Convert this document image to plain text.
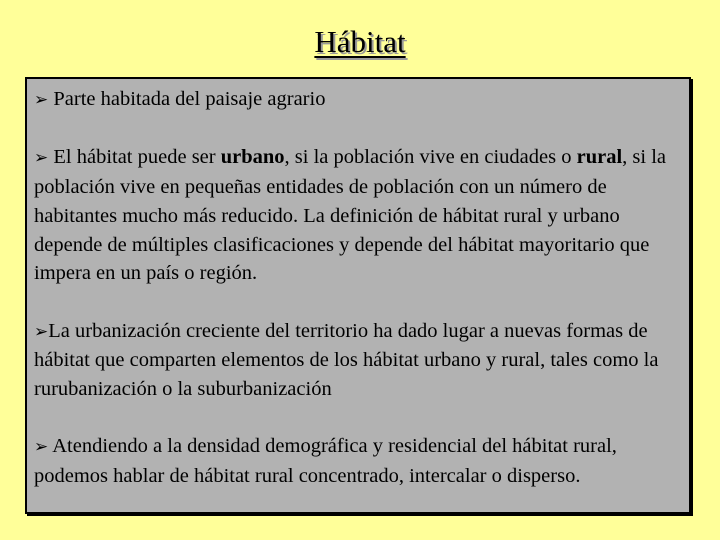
Hábitat

➢ Parte habitada del paisaje agrario

➢ El hábitat puede ser urbano, si la población vive en ciudades o rural, si la población vive en pequeñas entidades de población con un número de habitantes mucho más reducido. La definición de hábitat rural y urbano depende de múltiples clasificaciones y depende del hábitat mayoritario que impera en un país o región.

➢La urbanización creciente del territorio ha dado lugar a nuevas formas de hábitat que comparten elementos de los hábitat urbano y rural, tales como la rurubanización o la suburbanización

➢ Atendiendo a la densidad demográfica y residencial del hábitat rural, podemos hablar de hábitat rural concentrado, intercalar o disperso.
